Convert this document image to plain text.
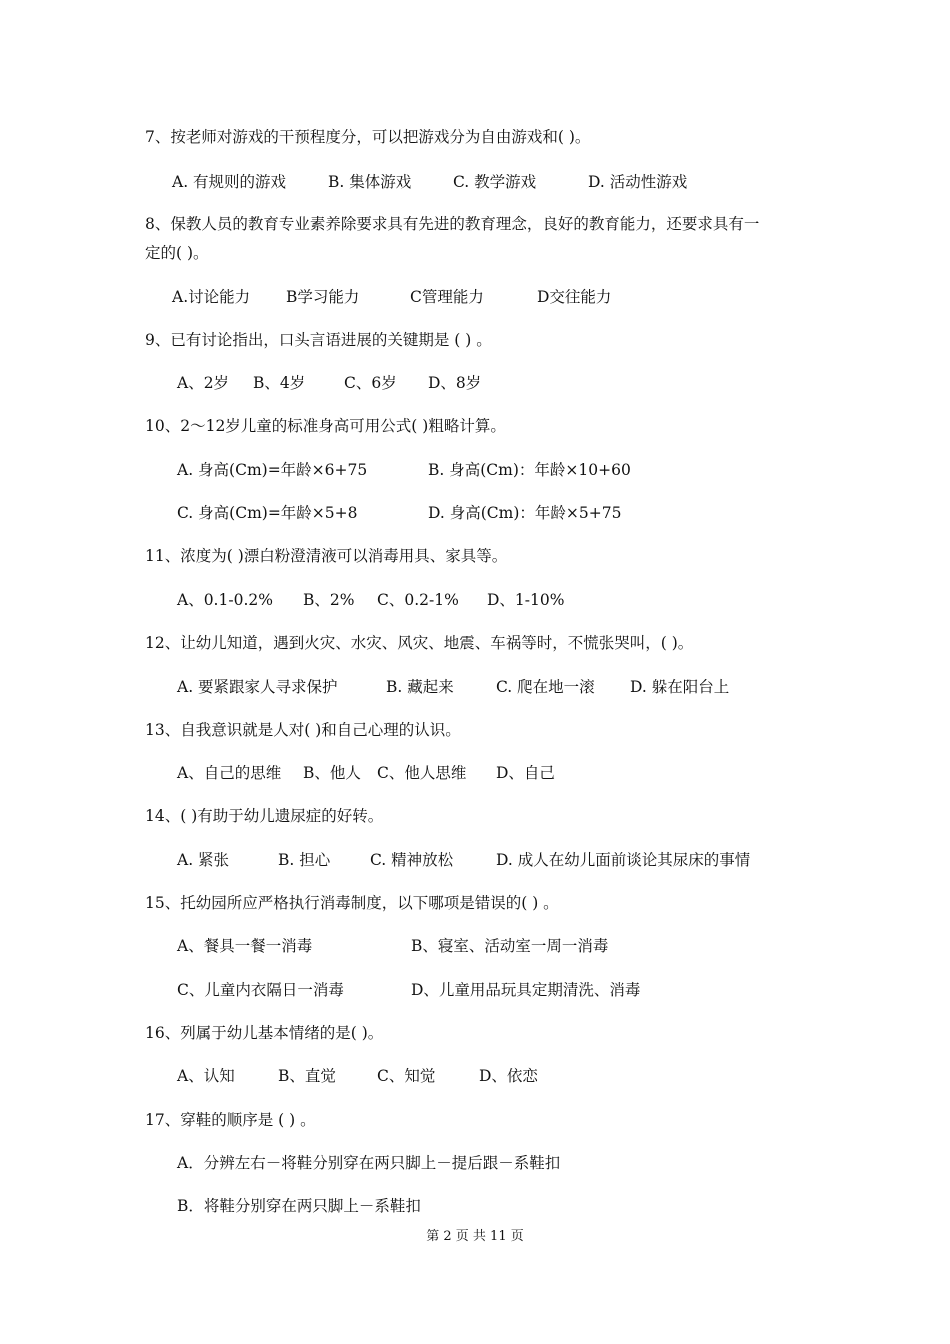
7、按老师对游戏的干预程度分，可以把游戏分为自由游戏和( )。
A. 有规则的游戏	B. 集体游戏	C. 教学游戏	D. 活动性游戏
8、保教人员的教育专业素养除要求具有先进的教育理念，良好的教育能力，还要求具有一
定的( )。
A.讨论能力 B学习能力	C管理能力	D交往能力
9、已有讨论指出，口头言语进展的关键期是 ( ) 。
A、2岁 B、4岁 C、6岁 D、8岁
10、2～12岁儿童的标准身高可用公式( )粗略计算。
A. 身高(Cm)=年龄×6+75	B. 身高(Cm)：年龄×10+60
C. 身高(Cm)=年龄×5+8	D. 身高(Cm)：年龄×5+75
11、浓度为( )漂白粉澄清液可以消毒用具、家具等。
A、0.1-0.2% B、2% C、0.2-1% D、1-10%
12、让幼儿知道，遇到火灾、水灾、风灾、地震、车祸等时，不慌张哭叫，( )。
A. 要紧跟家人寻求保护	B. 藏起来	C. 爬在地一滚 D. 躲在阳台上
13、自我意识就是人对( )和自己心理的认识。
A、自己的思维 B、他人 C、他人思维 D、自己
14、( )有助于幼儿遗尿症的好转。
A. 紧张	B. 担心	C. 精神放松	D. 成人在幼儿面前谈论其尿床的事情
15、托幼园所应严格执行消毒制度，以下哪项是错误的( ) 。
A、餐具一餐一消毒	B、寝室、活动室一周一消毒
C、儿童内衣隔日一消毒	D、儿童用品玩具定期清洗、消毒
16、列属于幼儿基本情绪的是( )。
A、认知	B、直觉	C、知觉	D、依恋
17、穿鞋的顺序是 ( ) 。
A．分辨左右－将鞋分别穿在两只脚上－提后跟－系鞋扣
B．将鞋分别穿在两只脚上－系鞋扣
第 2 页 共 11 页
